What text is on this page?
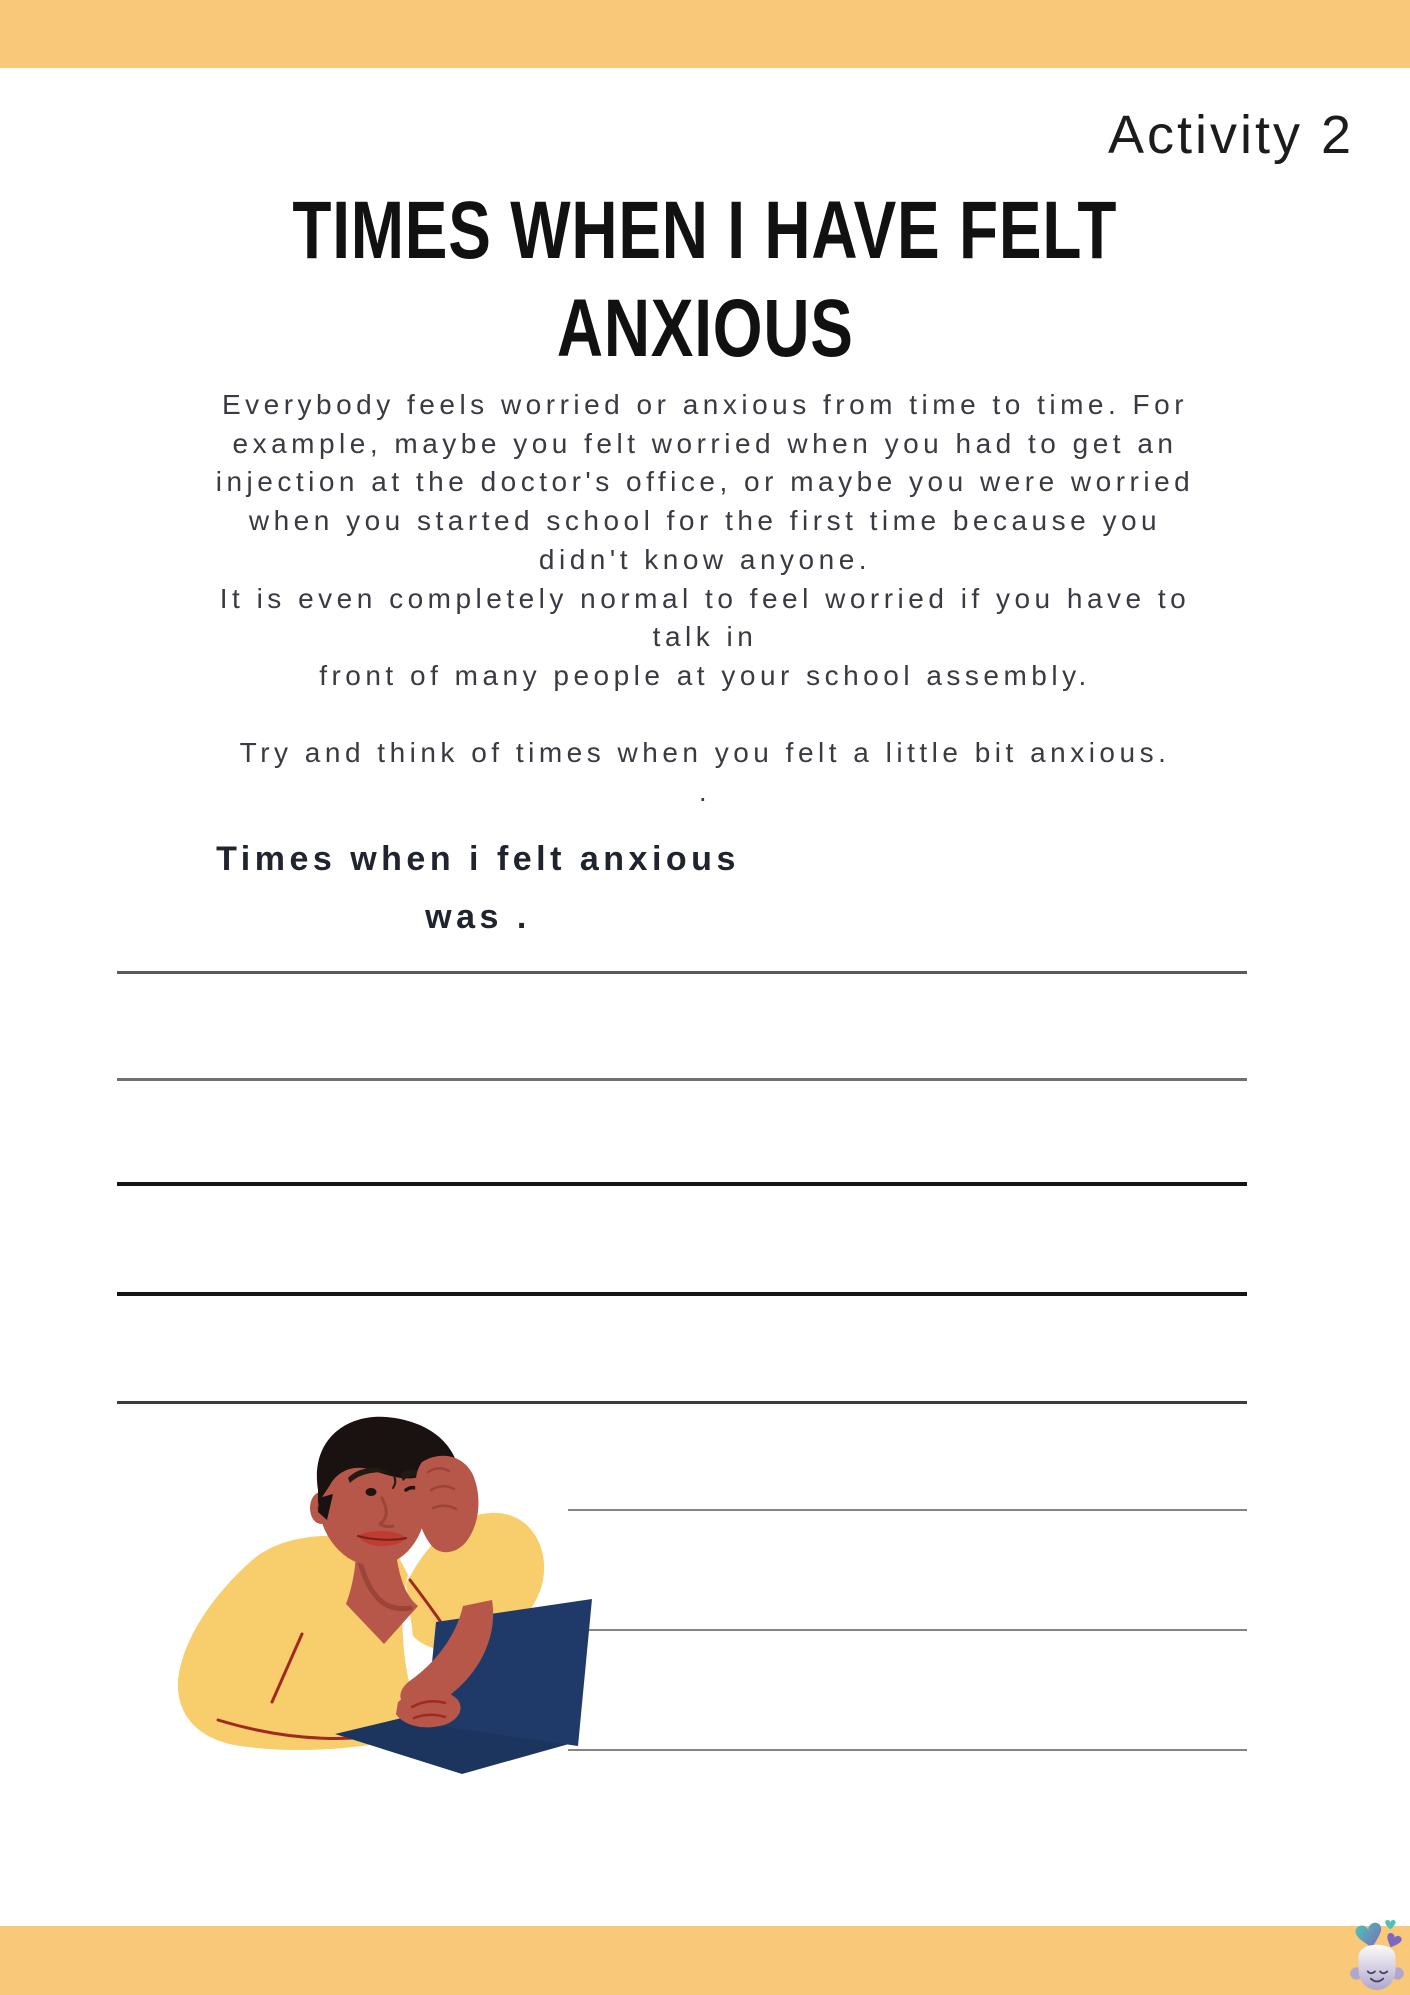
Activity 2
TIMES WHEN I HAVE FELT
ANXIOUS
Everybody feels worried or anxious from time to time. For
example, maybe you felt worried when you had to get an
injection at the doctor's office, or maybe you were worried
when you started school for the first time because you
didn't know anyone.
It is even completely normal to feel worried if you have to
talk in
front of many people at your school assembly.
Try and think of times when you felt a little bit anxious.
.
Times when i felt anxious
was .
